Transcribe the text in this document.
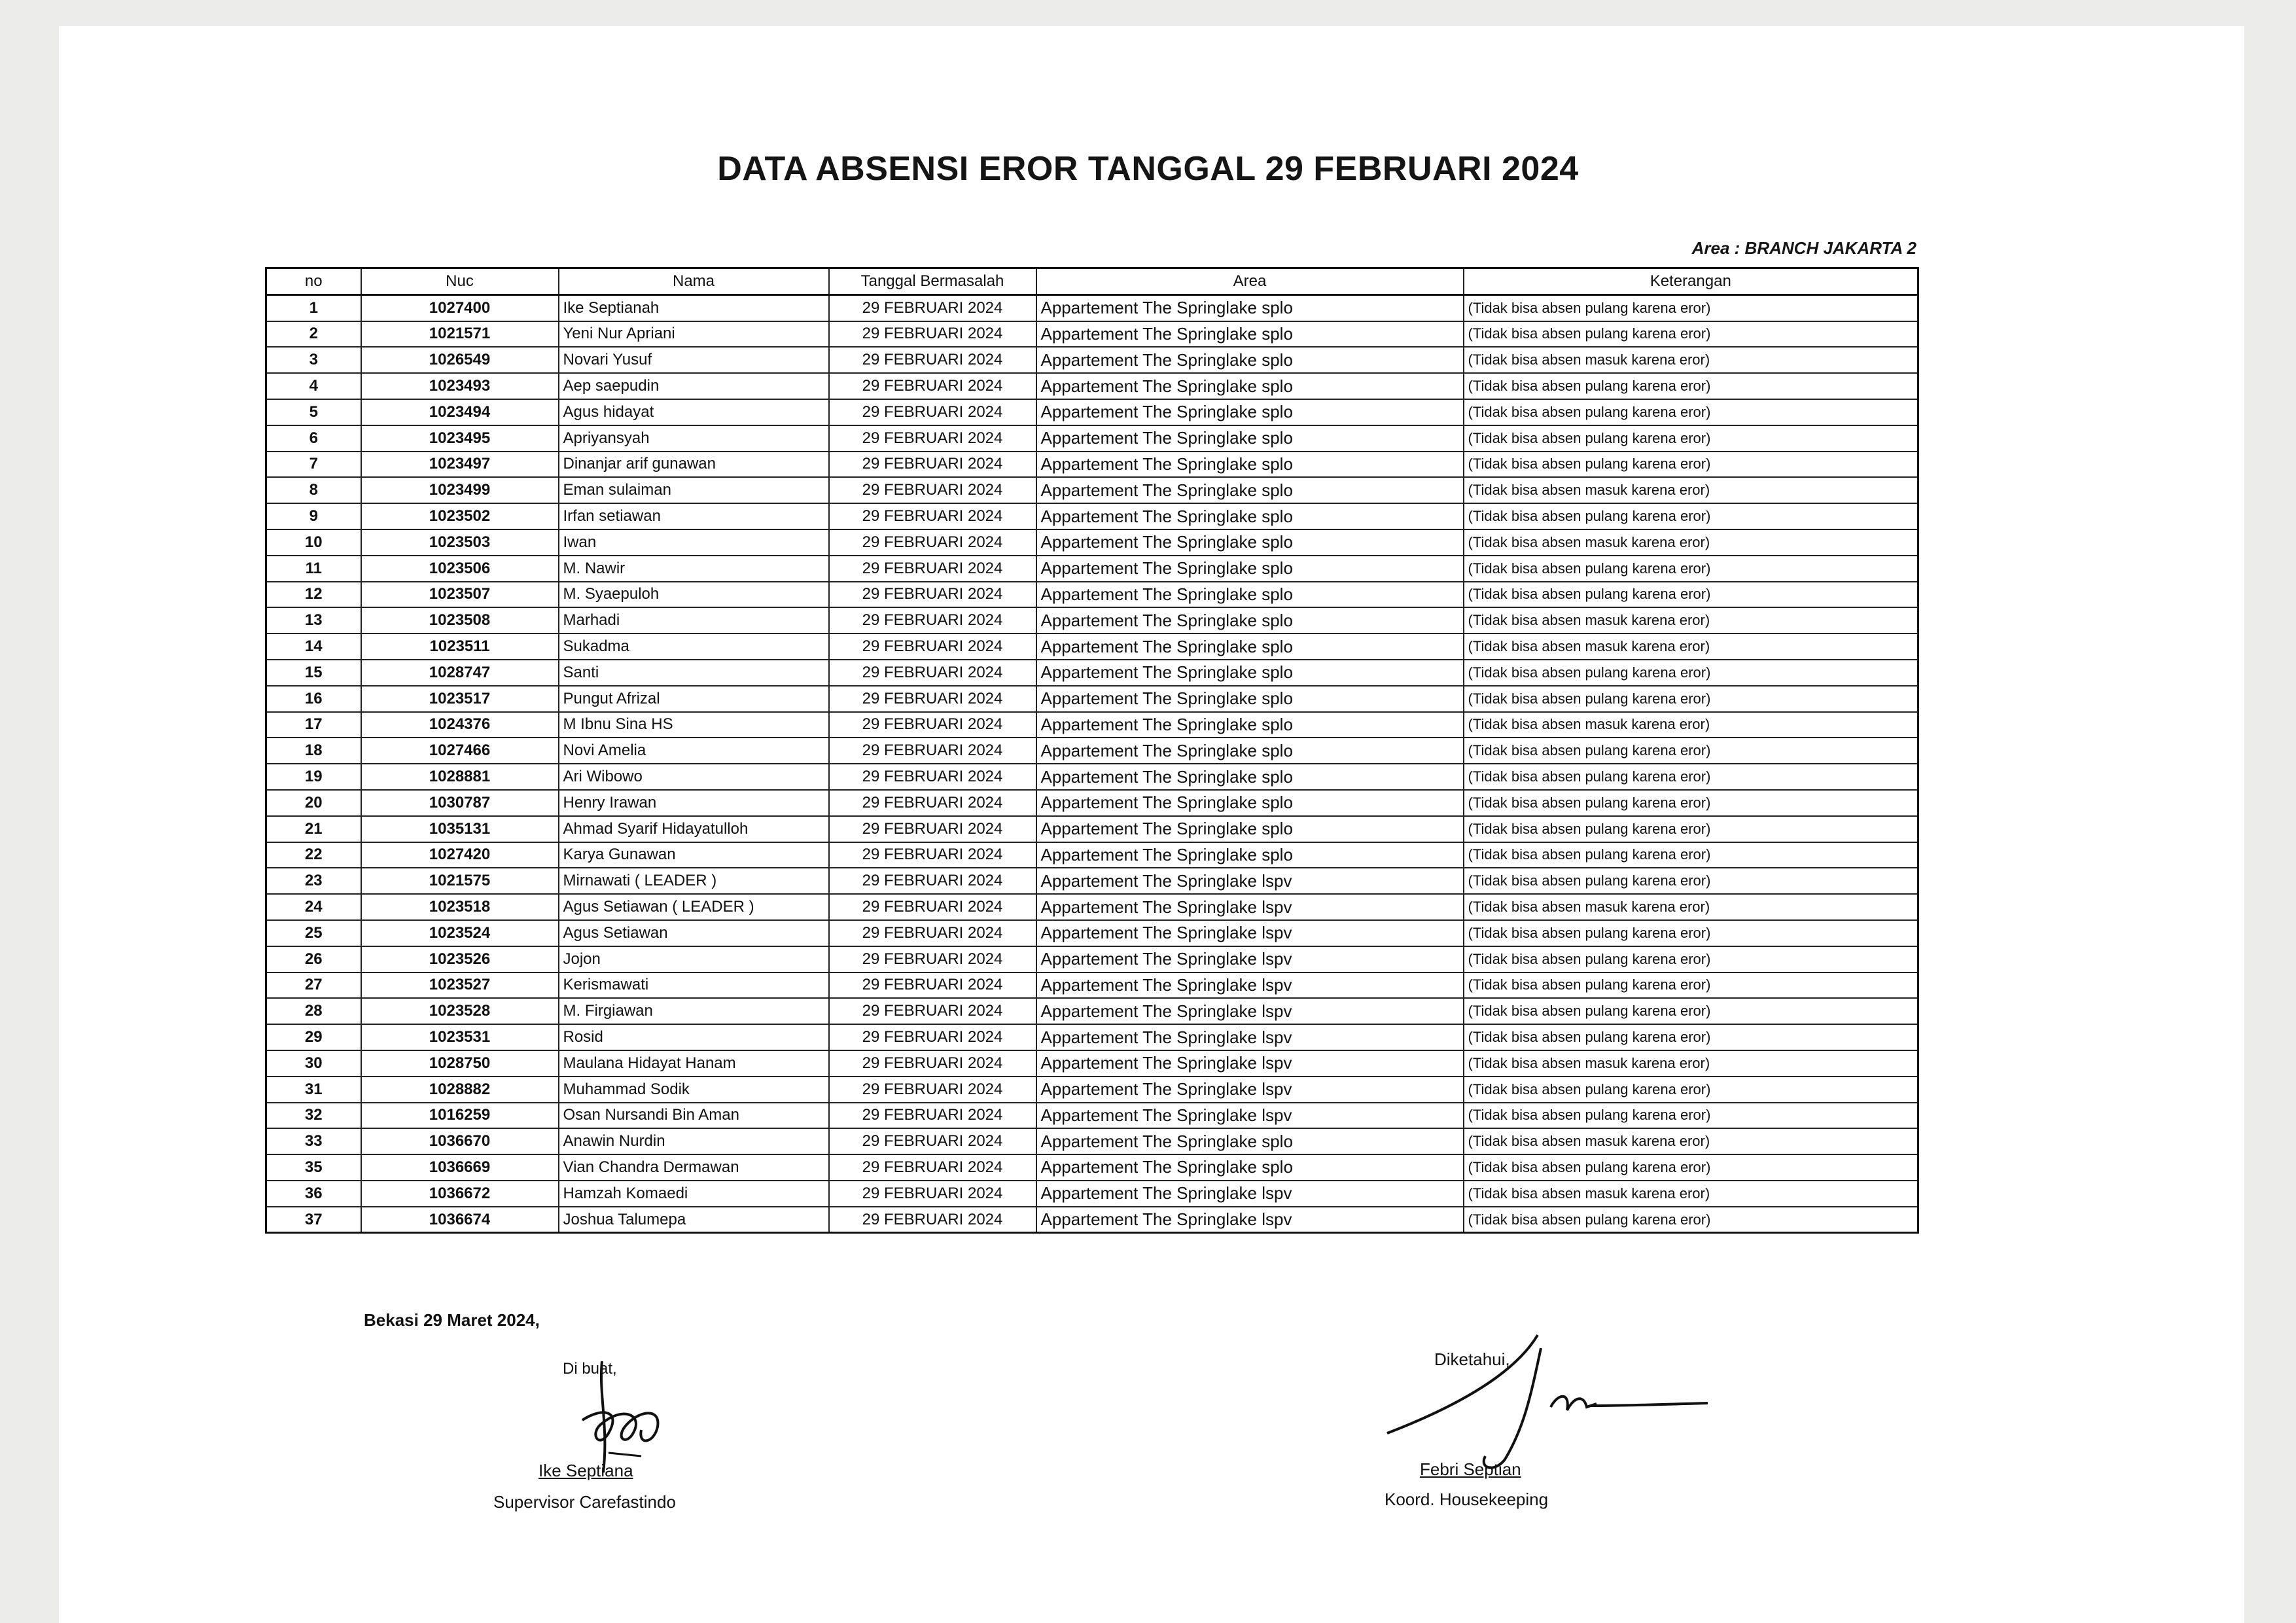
DATA ABSENSI EROR TANGGAL 29 FEBRUARI 2024
Area : BRANCH JAKARTA 2
no	Nuc	Nama	Tanggal Bermasalah	Area	Keterangan
1	1027400	Ike Septianah	29 FEBRUARI 2024	Appartement The Springlake splo	(Tidak bisa absen pulang karena eror)
2	1021571	Yeni Nur Apriani	29 FEBRUARI 2024	Appartement The Springlake splo	(Tidak bisa absen pulang karena eror)
3	1026549	Novari Yusuf	29 FEBRUARI 2024	Appartement The Springlake splo	(Tidak bisa absen masuk karena eror)
4	1023493	Aep saepudin	29 FEBRUARI 2024	Appartement The Springlake splo	(Tidak bisa absen pulang karena eror)
5	1023494	Agus hidayat	29 FEBRUARI 2024	Appartement The Springlake splo	(Tidak bisa absen pulang karena eror)
6	1023495	Apriyansyah	29 FEBRUARI 2024	Appartement The Springlake splo	(Tidak bisa absen pulang karena eror)
7	1023497	Dinanjar arif gunawan	29 FEBRUARI 2024	Appartement The Springlake splo	(Tidak bisa absen pulang karena eror)
8	1023499	Eman sulaiman	29 FEBRUARI 2024	Appartement The Springlake splo	(Tidak bisa absen masuk karena eror)
9	1023502	Irfan setiawan	29 FEBRUARI 2024	Appartement The Springlake splo	(Tidak bisa absen pulang karena eror)
10	1023503	Iwan	29 FEBRUARI 2024	Appartement The Springlake splo	(Tidak bisa absen masuk karena eror)
11	1023506	M. Nawir	29 FEBRUARI 2024	Appartement The Springlake splo	(Tidak bisa absen pulang karena eror)
12	1023507	M. Syaepuloh	29 FEBRUARI 2024	Appartement The Springlake splo	(Tidak bisa absen pulang karena eror)
13	1023508	Marhadi	29 FEBRUARI 2024	Appartement The Springlake splo	(Tidak bisa absen masuk karena eror)
14	1023511	Sukadma	29 FEBRUARI 2024	Appartement The Springlake splo	(Tidak bisa absen masuk karena eror)
15	1028747	Santi	29 FEBRUARI 2024	Appartement The Springlake splo	(Tidak bisa absen pulang karena eror)
16	1023517	Pungut Afrizal	29 FEBRUARI 2024	Appartement The Springlake splo	(Tidak bisa absen pulang karena eror)
17	1024376	M Ibnu Sina HS	29 FEBRUARI 2024	Appartement The Springlake splo	(Tidak bisa absen masuk karena eror)
18	1027466	Novi Amelia	29 FEBRUARI 2024	Appartement The Springlake splo	(Tidak bisa absen pulang karena eror)
19	1028881	Ari Wibowo	29 FEBRUARI 2024	Appartement The Springlake splo	(Tidak bisa absen pulang karena eror)
20	1030787	Henry Irawan	29 FEBRUARI 2024	Appartement The Springlake splo	(Tidak bisa absen pulang karena eror)
21	1035131	Ahmad Syarif Hidayatulloh	29 FEBRUARI 2024	Appartement The Springlake splo	(Tidak bisa absen pulang karena eror)
22	1027420	Karya Gunawan	29 FEBRUARI 2024	Appartement The Springlake splo	(Tidak bisa absen pulang karena eror)
23	1021575	Mirnawati ( LEADER )	29 FEBRUARI 2024	Appartement The Springlake lspv	(Tidak bisa absen pulang karena eror)
24	1023518	Agus Setiawan ( LEADER )	29 FEBRUARI 2024	Appartement The Springlake lspv	(Tidak bisa absen masuk karena eror)
25	1023524	Agus Setiawan	29 FEBRUARI 2024	Appartement The Springlake lspv	(Tidak bisa absen pulang karena eror)
26	1023526	Jojon	29 FEBRUARI 2024	Appartement The Springlake lspv	(Tidak bisa absen pulang karena eror)
27	1023527	Kerismawati	29 FEBRUARI 2024	Appartement The Springlake lspv	(Tidak bisa absen pulang karena eror)
28	1023528	M. Firgiawan	29 FEBRUARI 2024	Appartement The Springlake lspv	(Tidak bisa absen pulang karena eror)
29	1023531	Rosid	29 FEBRUARI 2024	Appartement The Springlake lspv	(Tidak bisa absen pulang karena eror)
30	1028750	Maulana Hidayat Hanam	29 FEBRUARI 2024	Appartement The Springlake lspv	(Tidak bisa absen masuk karena eror)
31	1028882	Muhammad Sodik	29 FEBRUARI 2024	Appartement The Springlake lspv	(Tidak bisa absen pulang karena eror)
32	1016259	Osan Nursandi Bin Aman	29 FEBRUARI 2024	Appartement The Springlake lspv	(Tidak bisa absen pulang karena eror)
33	1036670	Anawin Nurdin	29 FEBRUARI 2024	Appartement The Springlake splo	(Tidak bisa absen masuk karena eror)
35	1036669	Vian Chandra Dermawan	29 FEBRUARI 2024	Appartement The Springlake splo	(Tidak bisa absen pulang karena eror)
36	1036672	Hamzah Komaedi	29 FEBRUARI 2024	Appartement The Springlake lspv	(Tidak bisa absen masuk karena eror)
37	1036674	Joshua Talumepa	29 FEBRUARI 2024	Appartement The Springlake lspv	(Tidak bisa absen pulang karena eror)
Bekasi 29 Maret 2024,
Di buat,
Ike Septiana
Supervisor Carefastindo
Diketahui,
Febri Septian
Koord. Housekeeping
